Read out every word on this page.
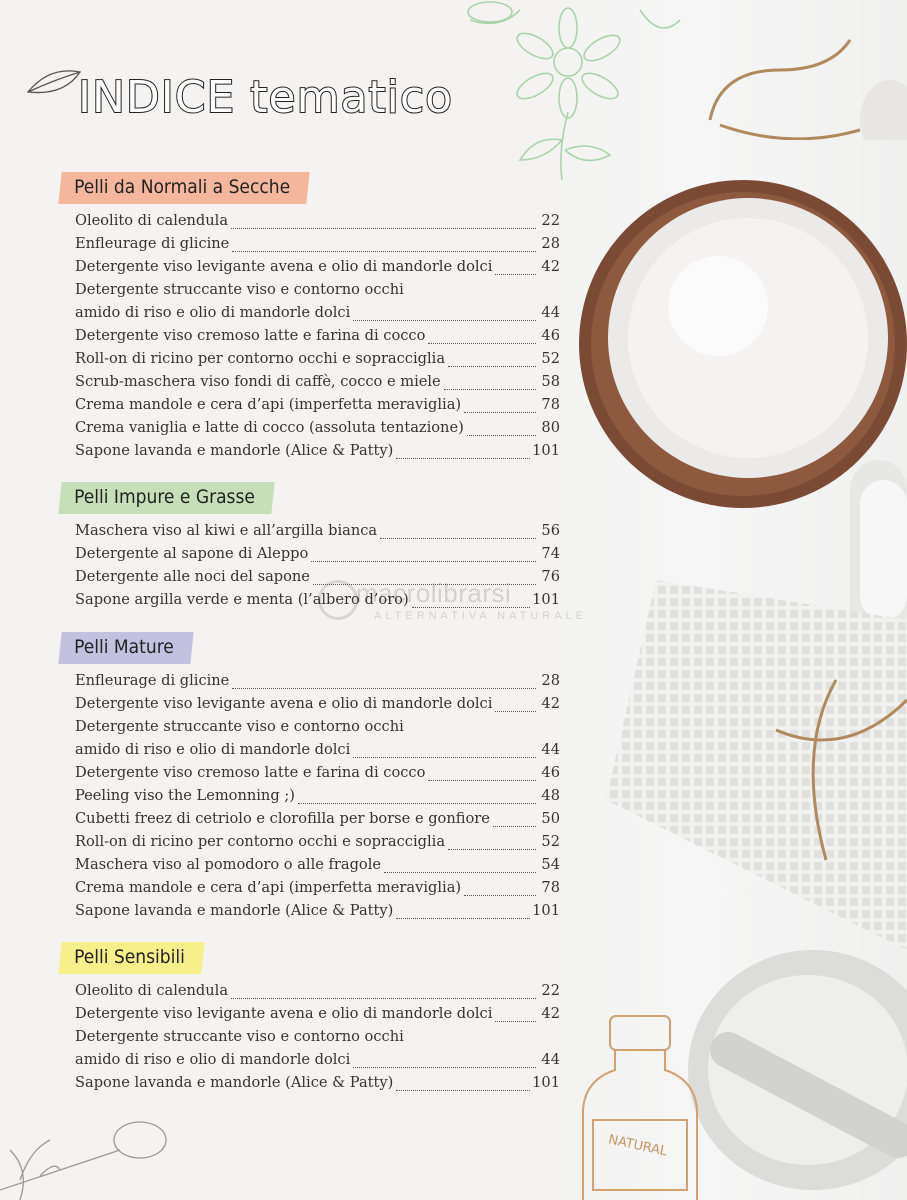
INDICE tematico
NATURAL
macrolibrarsi
ALTERNATIVA NATURALE
Pelli da Normali a Secche
Oleolito di calendula	22
Enfleurage di glicine	28
Detergente viso levigante avena e olio di mandorle dolci	42
Detergente struccante viso e contorno occhi
amido di riso e olio di mandorle dolci	44
Detergente viso cremoso latte e farina di cocco	46
Roll-on di ricino per contorno occhi e sopracciglia	52
Scrub-maschera viso fondi di caffè, cocco e miele	58
Crema mandole e cera d’api (imperfetta meraviglia)	78
Crema vaniglia e latte di cocco (assoluta tentazione)	80
Sapone lavanda e mandorle (Alice & Patty)	101
Pelli Impure e Grasse
Maschera viso al kiwi e all’argilla bianca	56
Detergente al sapone di Aleppo	74
Detergente alle noci del sapone	76
Sapone argilla verde e menta (l’albero d’oro)	101
Pelli Mature
Enfleurage di glicine	28
Detergente viso levigante avena e olio di mandorle dolci	42
Detergente struccante viso e contorno occhi
amido di riso e olio di mandorle dolci	44
Detergente viso cremoso latte e farina di cocco	46
Peeling viso the Lemonning ;)	48
Cubetti freez di cetriolo e clorofilla per borse e gonfiore	50
Roll-on di ricino per contorno occhi e sopracciglia	52
Maschera viso al pomodoro o alle fragole	54
Crema mandole e cera d’api (imperfetta meraviglia)	78
Sapone lavanda e mandorle (Alice & Patty)	101
Pelli Sensibili
Oleolito di calendula	22
Detergente viso levigante avena e olio di mandorle dolci	42
Detergente struccante viso e contorno occhi
amido di riso e olio di mandorle dolci	44
Sapone lavanda e mandorle (Alice & Patty)	101
